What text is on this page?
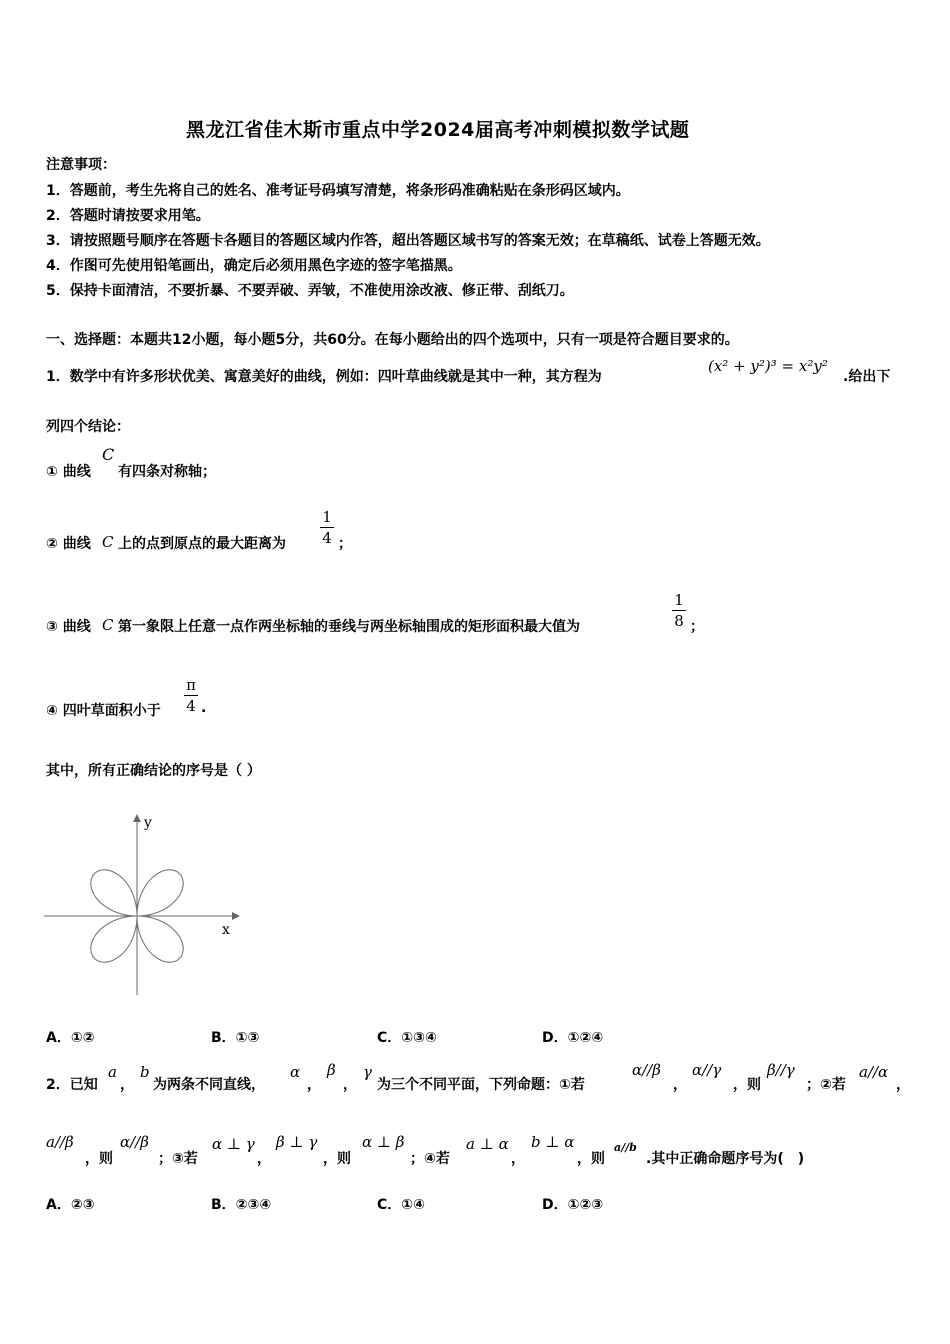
黑龙江省佳木斯市重点中学2024届高考冲刺模拟数学试题
注意事项：
1．答题前，考生先将自己的姓名、准考证号码填写清楚，将条形码准确粘贴在条形码区域内。
2．答题时请按要求用笔。
3．请按照题号顺序在答题卡各题目的答题区域内作答，超出答题区域书写的答案无效；在草稿纸、试卷上答题无效。
4．作图可先使用铅笔画出，确定后必须用黑色字迹的签字笔描黑。
5．保持卡面清洁，不要折暴、不要弄破、弄皱，不准使用涂改液、修正带、刮纸刀。
一、选择题：本题共12小题，每小题5分，共60分。在每小题给出的四个选项中，只有一项是符合题目要求的。
1．数学中有许多形状优美、寓意美好的曲线，例如：四叶草曲线就是其中一种，其方程为
(x² + y²)³ = x²y²
.给出下
列四个结论：
① 曲线
C
有四条对称轴；
② 曲线 C 上的点到原点的最大距离为
1
4 ；
③ 曲线 C 第一象限上任意一点作两坐标轴的垂线与两坐标轴围成的矩形面积最大值为
1
8 ；
④ 四叶草面积小于
π
4 .
其中，所有正确结论的序号是（ ）
y
x
A．①②	B．①③	C．①③④	D．①②④
2．已知
a
，
b
为两条不同直线，
α
，
β
，
γ
为三个不同平面，下列命题：①若
α//β
，
α//γ
，则
β//γ
；②若
a//α
，
a//β
，则
α//β
；③若
α ⊥ γ
，
β ⊥ γ
，则
α ⊥ β
；④若
a ⊥ α
，
b ⊥ α
，则
a//b
.其中正确命题序号为(　)
A．②③	B．②③④	C．①④	D．①②③
